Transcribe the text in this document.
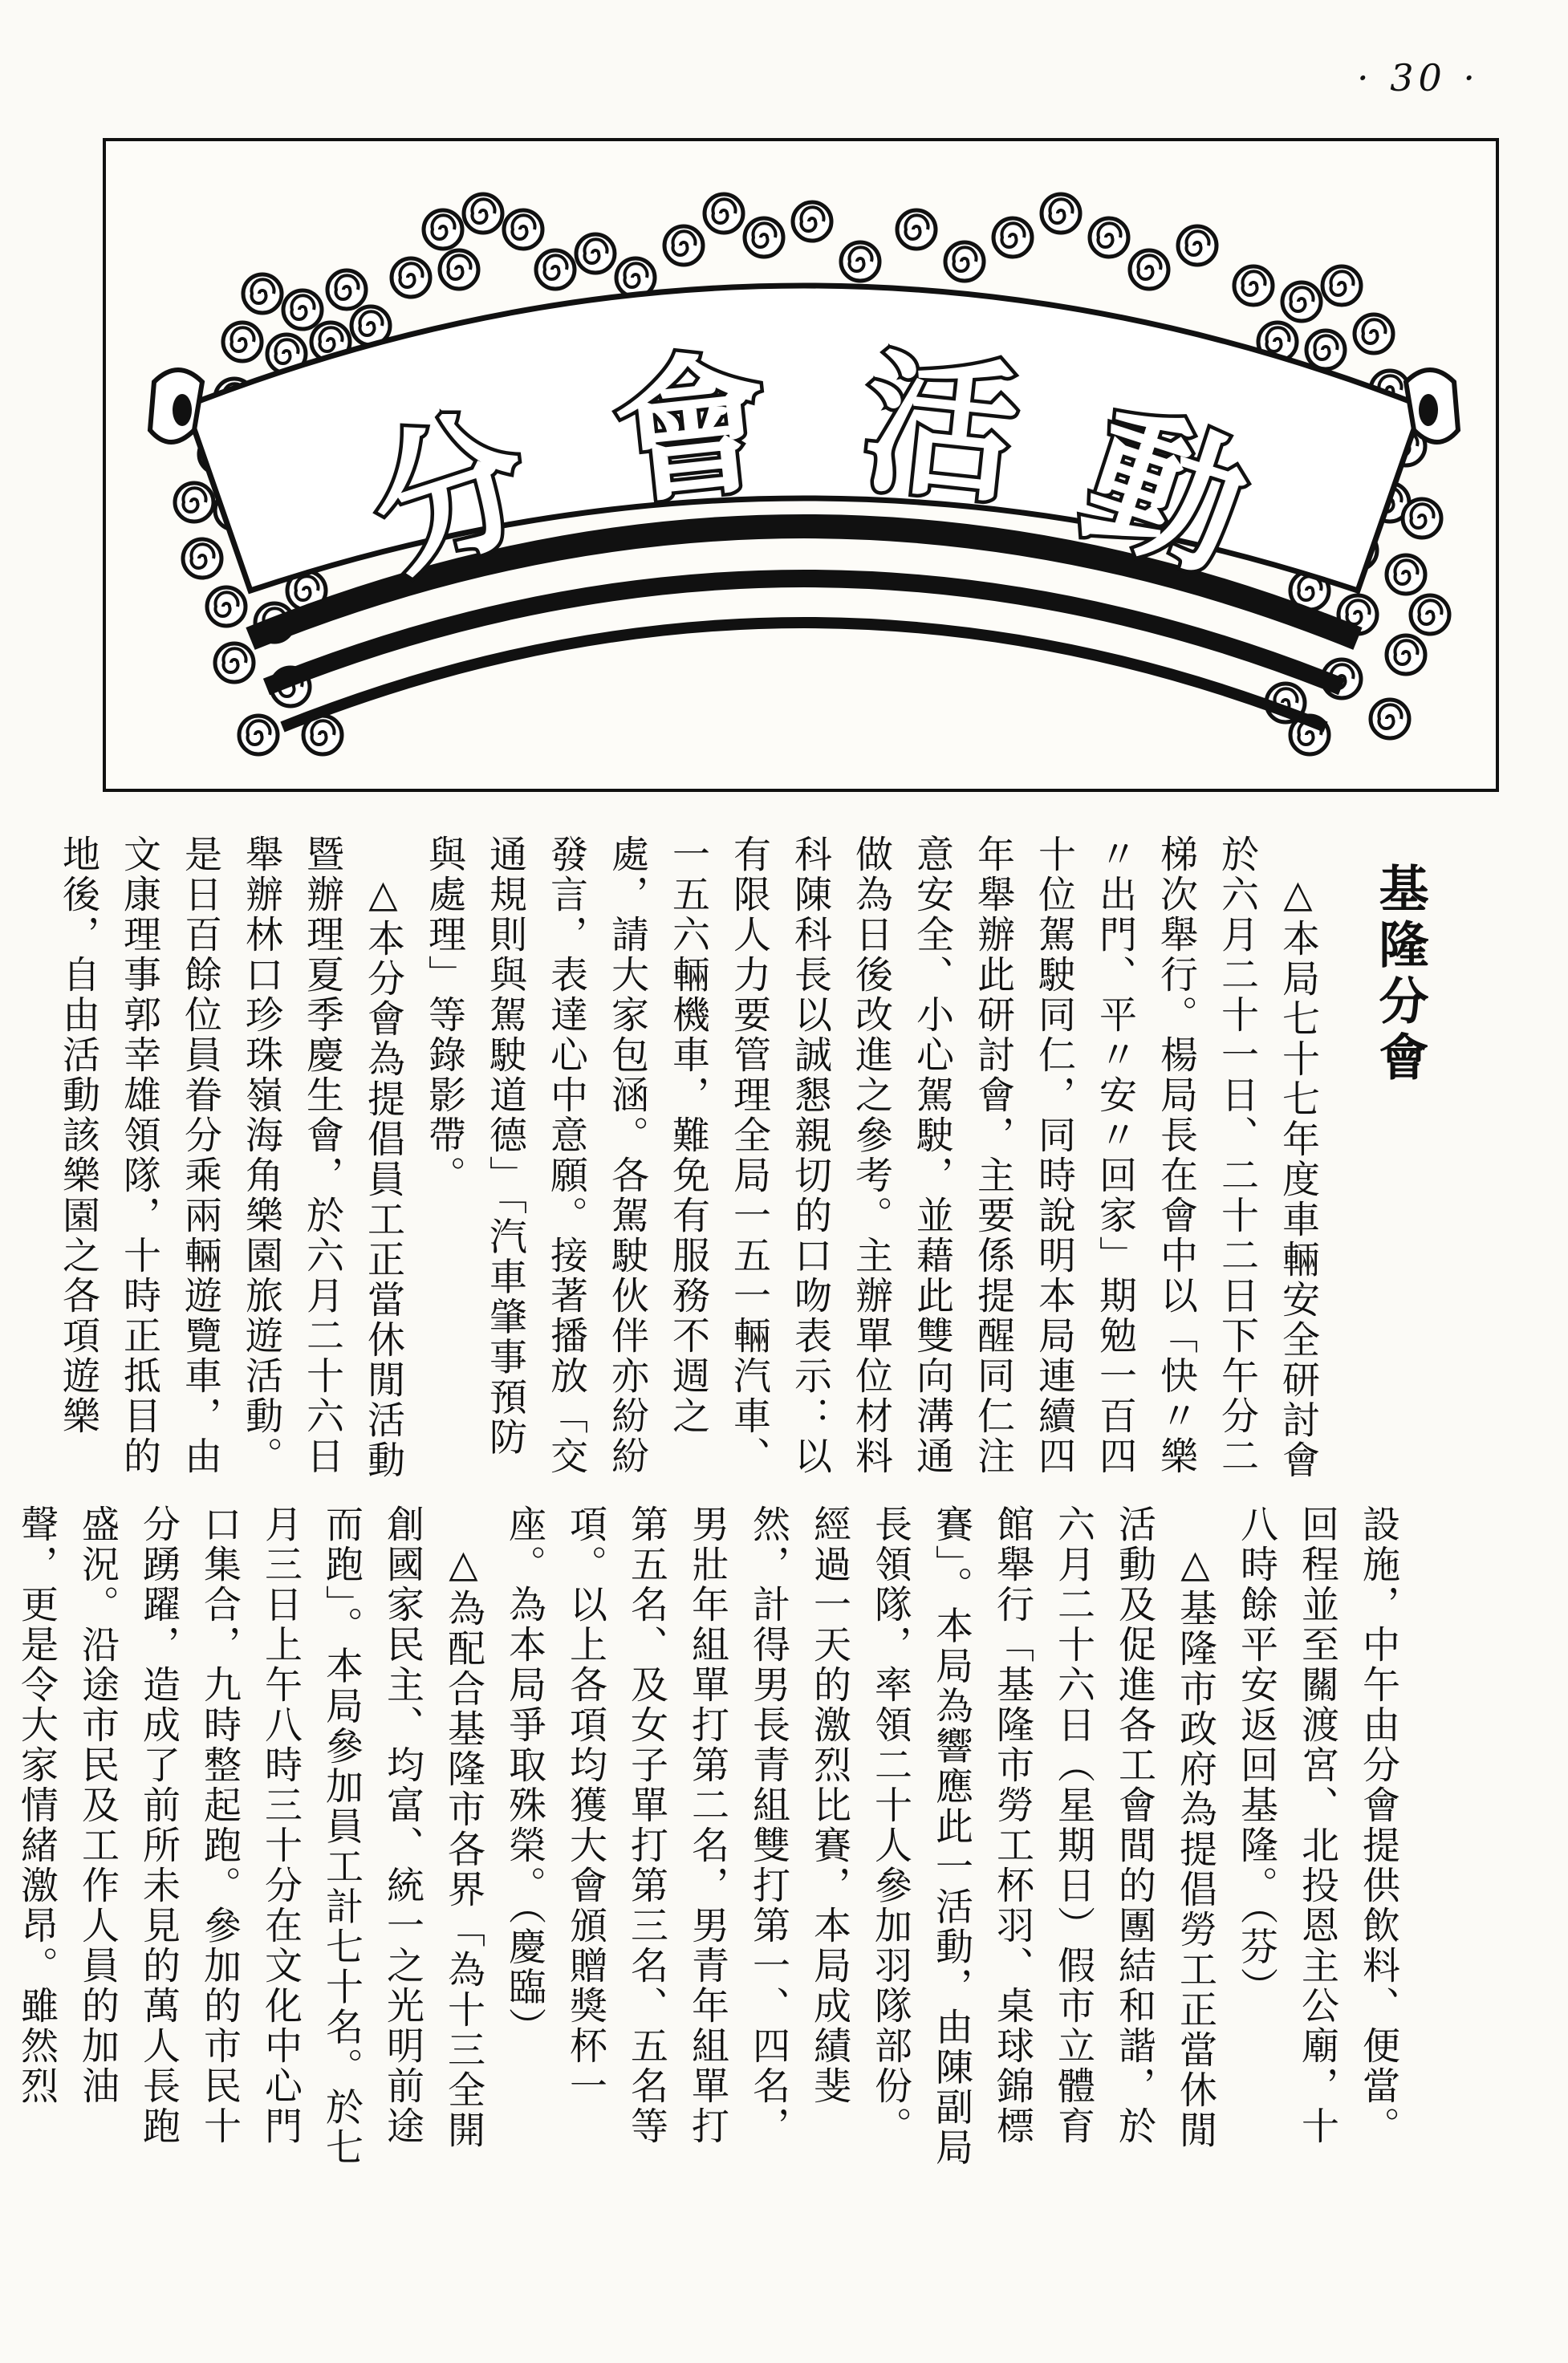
· 30 ·
分 會 活 動
基隆分會

△本局七十七年度車輛安全研討會於六月二十一日、二十二日下午分二梯次舉行。楊局長在會中以「快〃樂〃出門、平〃安〃回家」期勉一百四十位駕駛同仁，同時說明本局連續四年舉辦此研討會，主要係提醒同仁注意安全、小心駕駛，並藉此雙向溝通做為日後改進之參考。主辦單位材料科陳科長以誠懇親切的口吻表示：以有限人力要管理全局一五一輛汽車、一五六輛機車，難免有服務不週之處，請大家包涵。各駕駛伙伴亦紛紛發言，表達心中意願。接著播放「交通規則與駕駛道德」「汽車肇事預防與處理」等錄影帶。

△本分會為提倡員工正當休閒活動暨辦理夏季慶生會，於六月二十六日舉辦林口珍珠嶺海角樂園旅遊活動。是日百餘位員眷分乘兩輛遊覽車，由文康理事郭幸雄領隊，十時正抵目的地後，自由活動該樂園之各項遊樂

設施，中午由分會提供飲料、便當。回程並至關渡宮、北投恩主公廟，十八時餘平安返回基隆。（芬）

△基隆市政府為提倡勞工正當休閒活動及促進各工會間的團結和諧，於六月二十六日（星期日）假市立體育館舉行「基隆市勞工杯羽、桌球錦標賽」。本局為響應此一活動，由陳副局長領隊，率領二十人參加羽隊部份。經過一天的激烈比賽，本局成績斐然，計得男長青組雙打第一、四名，男壯年組單打第二名，男青年組單打第五名、及女子單打第三名、五名等項。以上各項均獲大會頒贈獎杯一座。為本局爭取殊榮。（慶臨）

△為配合基隆市各界「為十三全開創國家民主、均富、統一之光明前途而跑」。本局參加員工計七十名。於七月三日上午八時三十分在文化中心門口集合，九時整起跑。參加的市民十分踴躍，造成了前所未見的萬人長跑盛況。沿途市民及工作人員的加油聲，更是令大家情緒激昂。雖然烈
